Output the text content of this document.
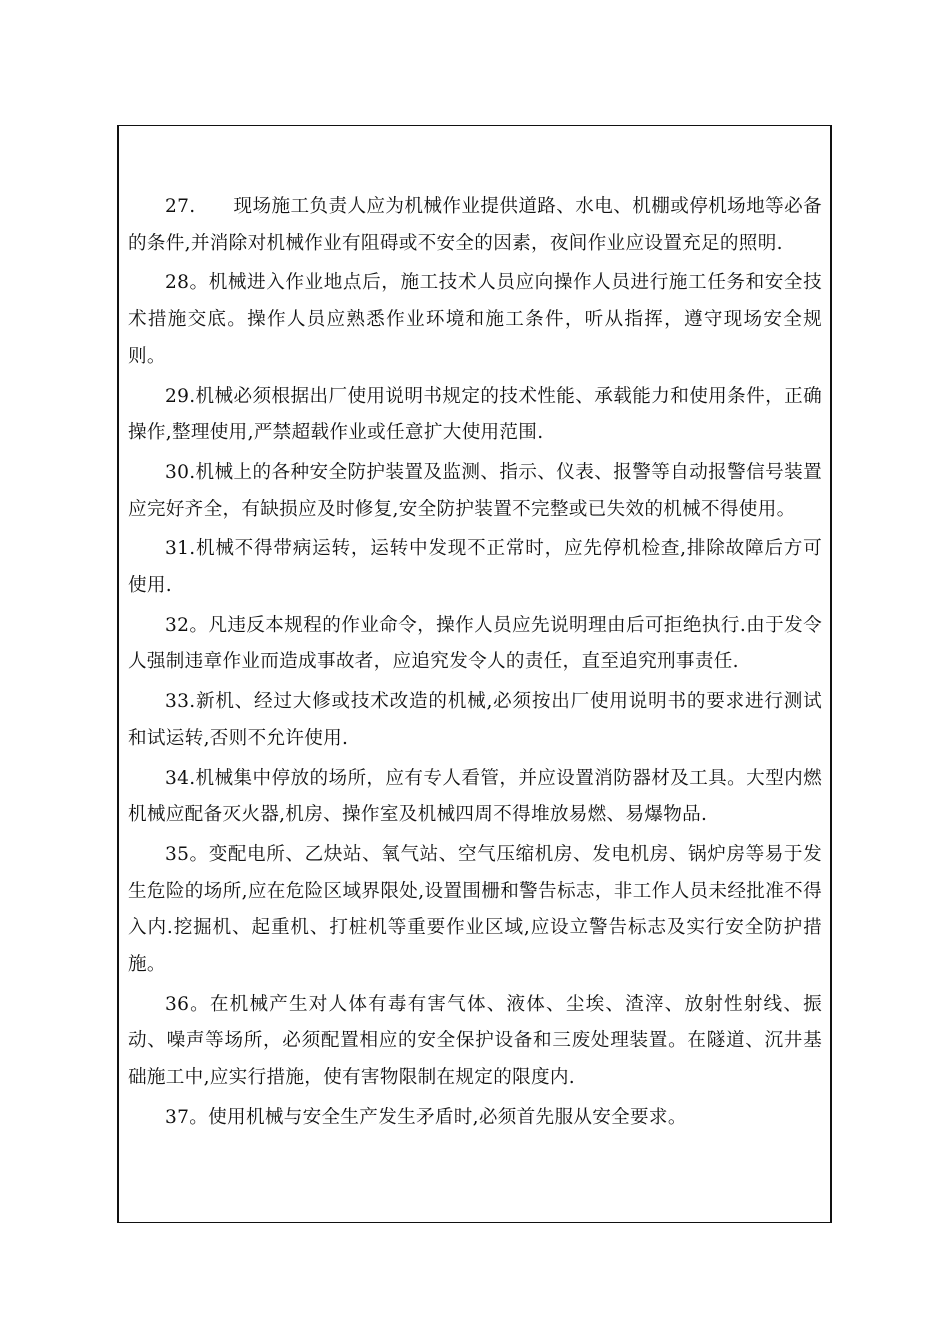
27.　　现场施工负责人应为机械作业提供道路、水电、机棚或停机场地等必备的条件,并消除对机械作业有阻碍或不安全的因素，夜间作业应设置充足的照明.

28。机械进入作业地点后，施工技术人员应向操作人员进行施工任务和安全技术措施交底。操作人员应熟悉作业环境和施工条件，听从指挥，遵守现场安全规则。

29.机械必须根据出厂使用说明书规定的技术性能、承载能力和使用条件，正确操作,整理使用,严禁超载作业或任意扩大使用范围.

30.机械上的各种安全防护装置及监测、指示、仪表、报警等自动报警信号装置应完好齐全，有缺损应及时修复,安全防护装置不完整或已失效的机械不得使用。

31.机械不得带病运转，运转中发现不正常时，应先停机检查,排除故障后方可使用.

32。凡违反本规程的作业命令，操作人员应先说明理由后可拒绝执行.由于发令人强制违章作业而造成事故者，应追究发令人的责任，直至追究刑事责任.

33.新机、经过大修或技术改造的机械,必须按出厂使用说明书的要求进行测试和试运转,否则不允许使用.

34.机械集中停放的场所，应有专人看管，并应设置消防器材及工具。大型内燃机械应配备灭火器,机房、操作室及机械四周不得堆放易燃、易爆物品.

35。变配电所、乙炔站、氧气站、空气压缩机房、发电机房、锅炉房等易于发生危险的场所,应在危险区域界限处,设置围栅和警告标志，非工作人员未经批准不得入内.挖掘机、起重机、打桩机等重要作业区域,应设立警告标志及实行安全防护措施。

36。在机械产生对人体有毒有害气体、液体、尘埃、渣滓、放射性射线、振动、噪声等场所，必须配置相应的安全保护设备和三废处理装置。在隧道、沉井基础施工中,应实行措施，使有害物限制在规定的限度内.

37。使用机械与安全生产发生矛盾时,必须首先服从安全要求。
